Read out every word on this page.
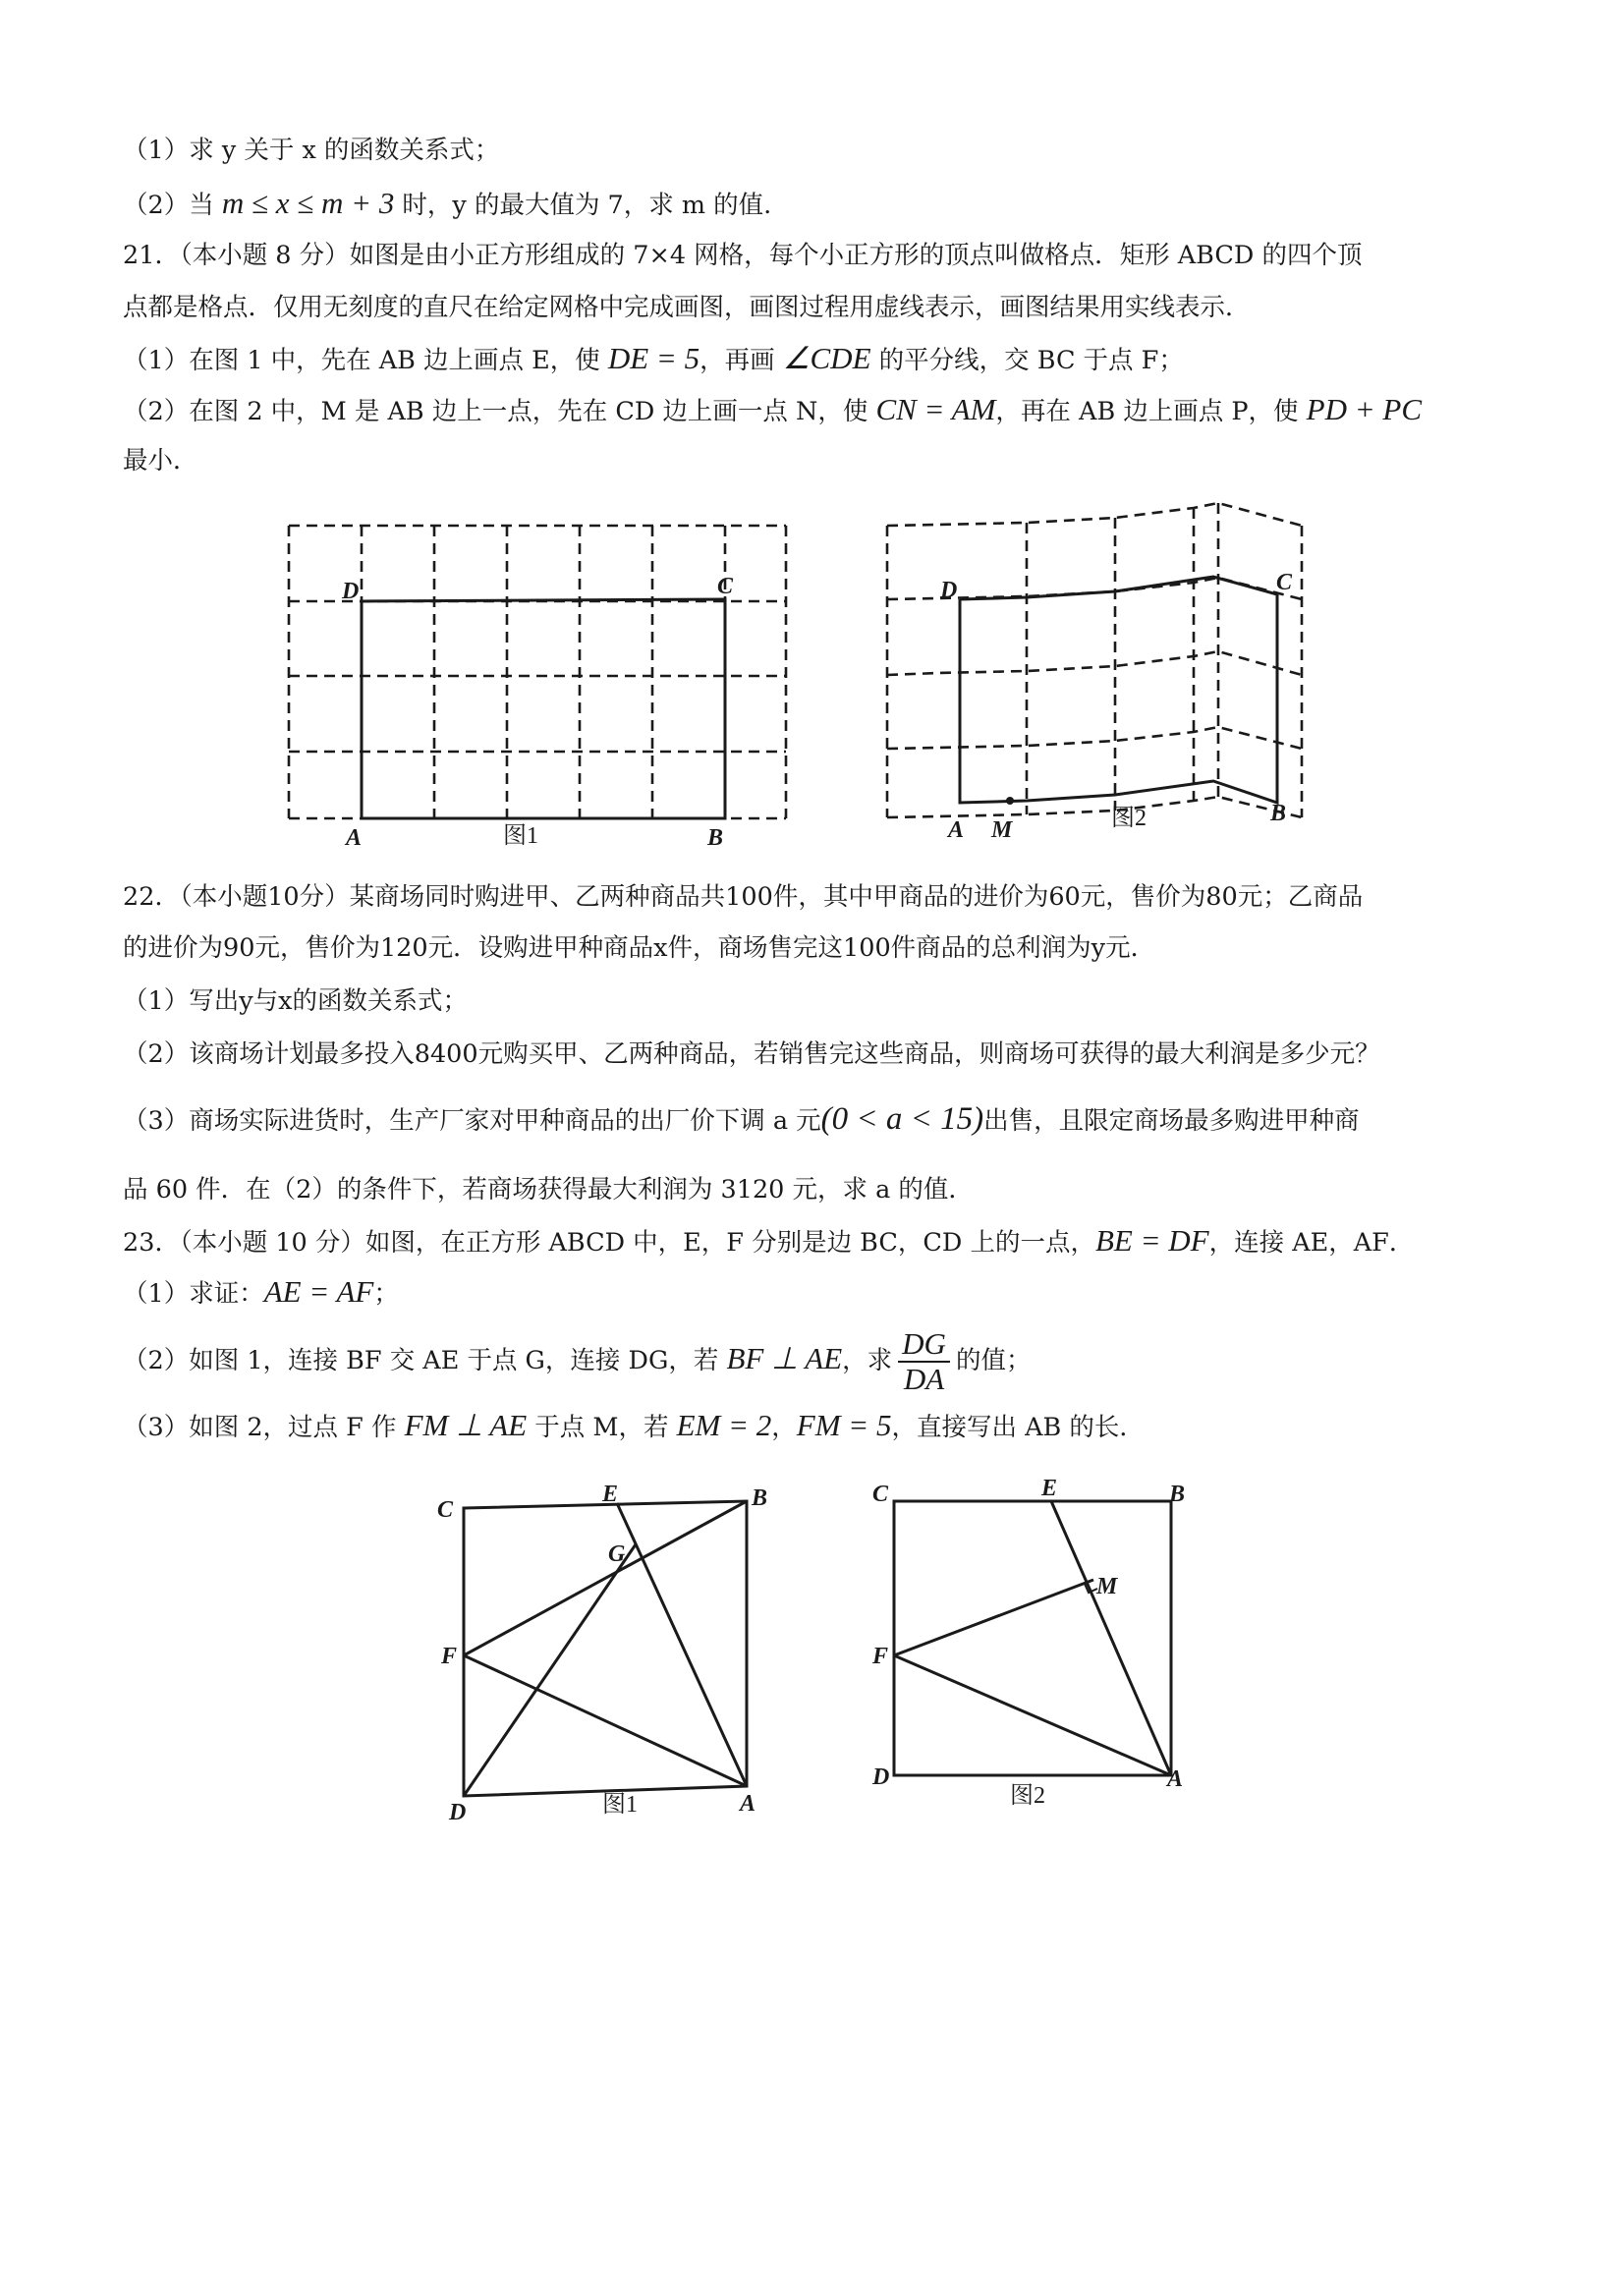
（1）求 y 关于 x 的函数关系式；
（2）当 m ≤ x ≤ m + 3 时，y 的最大值为 7，求 m 的值.
21．（本小题 8 分）如图是由小正方形组成的 7×4 网格，每个小正方形的顶点叫做格点．矩形 ABCD 的四个顶
点都是格点．仅用无刻度的直尺在给定网格中完成画图，画图过程用虚线表示，画图结果用实线表示．
（1）在图 1 中，先在 AB 边上画点 E，使 DE = 5，再画 ∠CDE 的平分线，交 BC 于点 F；
（2）在图 2 中，M 是 AB 边上一点，先在 CD 边上画一点 N，使 CN = AM，再在 AB 边上画点 P，使 PD + PC
最小．
D	C
A	B
图1
D	C
A M
B
图2
22．（本小题10分）某商场同时购进甲、乙两种商品共100件，其中甲商品的进价为60元，售价为80元；乙商品
的进价为90元，售价为120元．设购进甲种商品x件，商场售完这100件商品的总利润为y元．
（1）写出y与x的函数关系式；
（2）该商场计划最多投入8400元购买甲、乙两种商品，若销售完这些商品，则商场可获得的最大利润是多少元？
（3）商场实际进货时，生产厂家对甲种商品的出厂价下调 a 元(0 < a < 15)出售，且限定商场最多购进甲种商
品 60 件．在（2）的条件下，若商场获得最大利润为 3120 元，求 a 的值．
23．（本小题 10 分）如图，在正方形 ABCD 中，E，F 分别是边 BC，CD 上的一点，BE = DF，连接 AE，AF．
（1）求证：AE = AF；
（2）如图 1，连接 BF 交 AE 于点 G，连接 DG，若 BF ⊥ AE，求 $\frac{DG}{DA}$ 的值；
（3）如图 2，过点 F 作 FM ⊥ AE 于点 M，若 EM = 2，FM = 5，直接写出 AB 的长．
C
E	B
G
F
D	A
图1
C	E	B
M
F
D	A
图2
